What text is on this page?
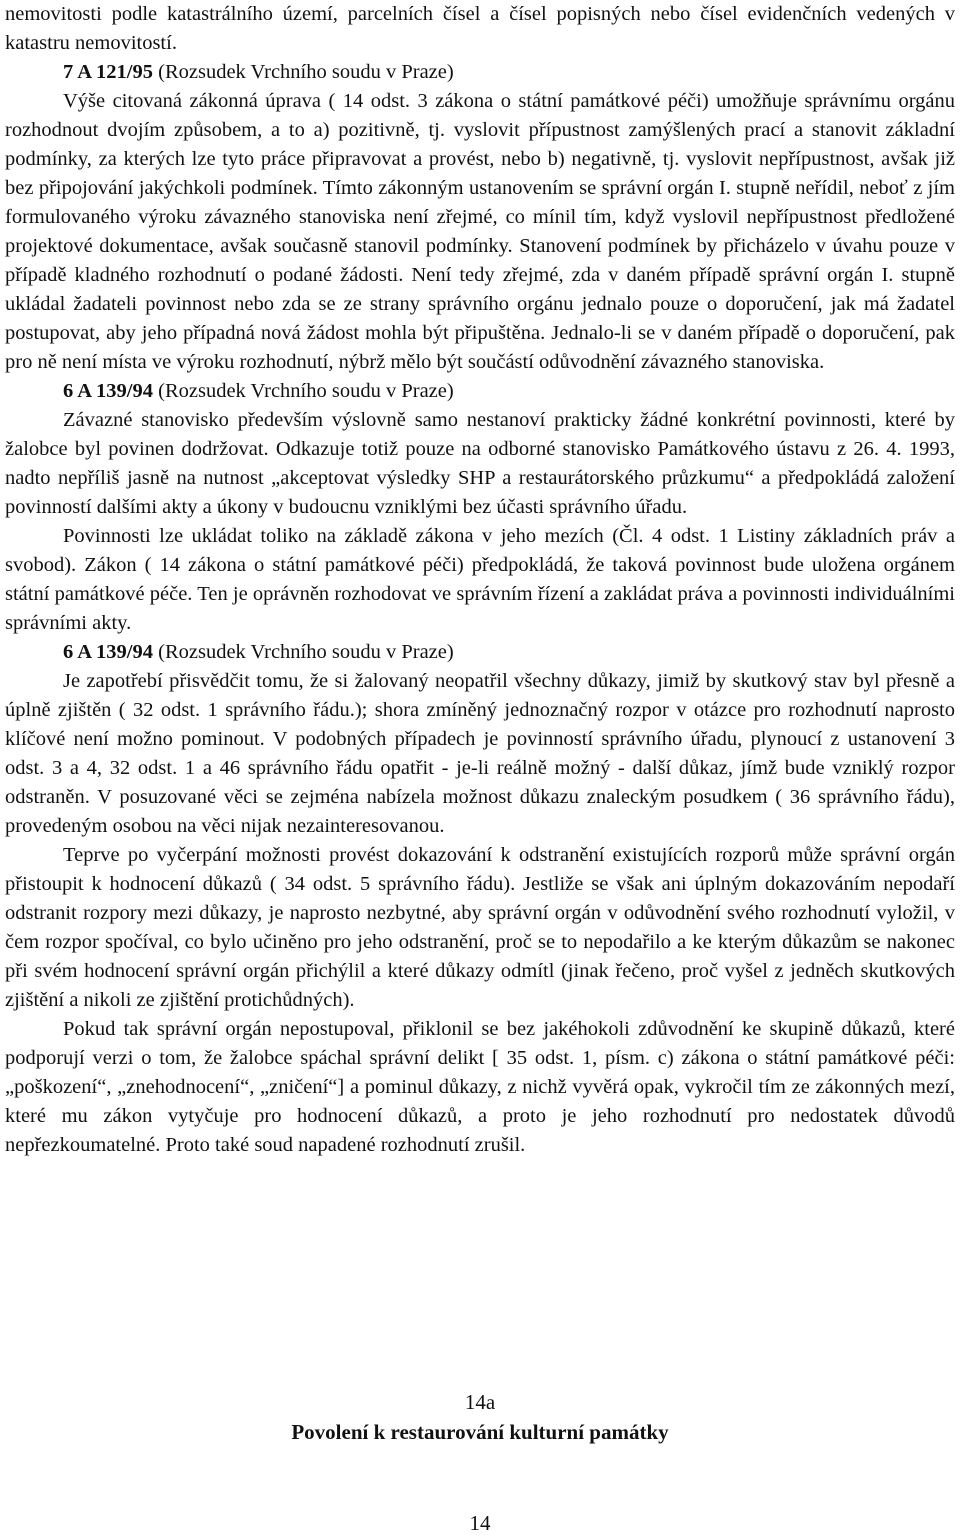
nemovitosti podle katastrálního území, parcelních čísel a čísel popisných nebo čísel evidenčních vedených v katastru nemovitostí.

7 A 121/95 (Rozsudek Vrchního soudu v Praze)

Výše citovaná zákonná úprava ( 14 odst. 3 zákona o státní památkové péči) umožňuje správnímu orgánu rozhodnout dvojím způsobem, a to a) pozitivně, tj. vyslovit přípustnost zamýšlených prací a stanovit základní podmínky, za kterých lze tyto práce připravovat a provést, nebo b) negativně, tj. vyslovit nepřípustnost, avšak již bez připojování jakýchkoli podmínek. Tímto zákonným ustanovením se správní orgán I. stupně neřídil, neboť z jím formulovaného výroku závazného stanoviska není zřejmé, co mínil tím, když vyslovil nepřípustnost předložené projektové dokumentace, avšak současně stanovil podmínky. Stanovení podmínek by přicházelo v úvahu pouze v případě kladného rozhodnutí o podané žádosti. Není tedy zřejmé, zda v daném případě správní orgán I. stupně ukládal žadateli povinnost nebo zda se ze strany správního orgánu jednalo pouze o doporučení, jak má žadatel postupovat, aby jeho případná nová žádost mohla být připuštěna. Jednalo-li se v daném případě o doporučení, pak pro ně není místa ve výroku rozhodnutí, nýbrž mělo být součástí odůvodnění závazného stanoviska.

6 A 139/94 (Rozsudek Vrchního soudu v Praze)

Závazné stanovisko především výslovně samo nestanoví prakticky žádné konkrétní povinnosti, které by žalobce byl povinen dodržovat. Odkazuje totiž pouze na odborné stanovisko Památkového ústavu z 26. 4. 1993, nadto nepříliš jasně na nutnost „akceptovat výsledky SHP a restaurátorského průzkumu“ a předpokládá založení povinností dalšími akty a úkony v budoucnu vzniklými bez účasti správního úřadu.

Povinnosti lze ukládat toliko na základě zákona v jeho mezích (Čl. 4 odst. 1 Listiny základních práv a svobod). Zákon ( 14 zákona o státní památkové péči) předpokládá, že taková povinnost bude uložena orgánem státní památkové péče. Ten je oprávněn rozhodovat ve správním řízení a zakládat práva a povinnosti individuálními správními akty.

6 A 139/94 (Rozsudek Vrchního soudu v Praze)

Je zapotřebí přisvědčit tomu, že si žalovaný neopatřil všechny důkazy, jimiž by skutkový stav byl přesně a úplně zjištěn ( 32 odst. 1 správního řádu.); shora zmíněný jednoznačný rozpor v otázce pro rozhodnutí naprosto klíčové není možno pominout. V podobných případech je povinností správního úřadu, plynoucí z ustanovení 3 odst. 3 a 4, 32 odst. 1 a 46 správního řádu opatřit - je-li reálně možný - další důkaz, jímž bude vzniklý rozpor odstraněn. V posuzované věci se zejména nabízela možnost důkazu znaleckým posudkem ( 36 správního řádu), provedeným osobou na věci nijak nezainteresovanou.

Teprve po vyčerpání možnosti provést dokazování k odstranění existujících rozporů může správní orgán přistoupit k hodnocení důkazů ( 34 odst. 5 správního řádu). Jestliže se však ani úplným dokazováním nepodaří odstranit rozpory mezi důkazy, je naprosto nezbytné, aby správní orgán v odůvodnění svého rozhodnutí vyložil, v čem rozpor spočíval, co bylo učiněno pro jeho odstranění, proč se to nepodařilo a ke kterým důkazům se nakonec při svém hodnocení správní orgán přichýlil a které důkazy odmítl (jinak řečeno, proč vyšel z jedněch skutkových zjištění a nikoli ze zjištění protichůdných).

Pokud tak správní orgán nepostupoval, přiklonil se bez jakéhokoli zdůvodnění ke skupině důkazů, které podporují verzi o tom, že žalobce spáchal správní delikt [ 35 odst. 1, písm. c) zákona o státní památkové péči: „poškození“, „znehodnocení“, „zničení“] a pominul důkazy, z nichž vyvěrá opak, vykročil tím ze zákonných mezí, které mu zákon vytyčuje pro hodnocení důkazů, a proto je jeho rozhodnutí pro nedostatek důvodů nepřezkoumatelné. Proto také soud napadené rozhodnutí zrušil.

14a
Povolení k restaurování kulturní památky
14
